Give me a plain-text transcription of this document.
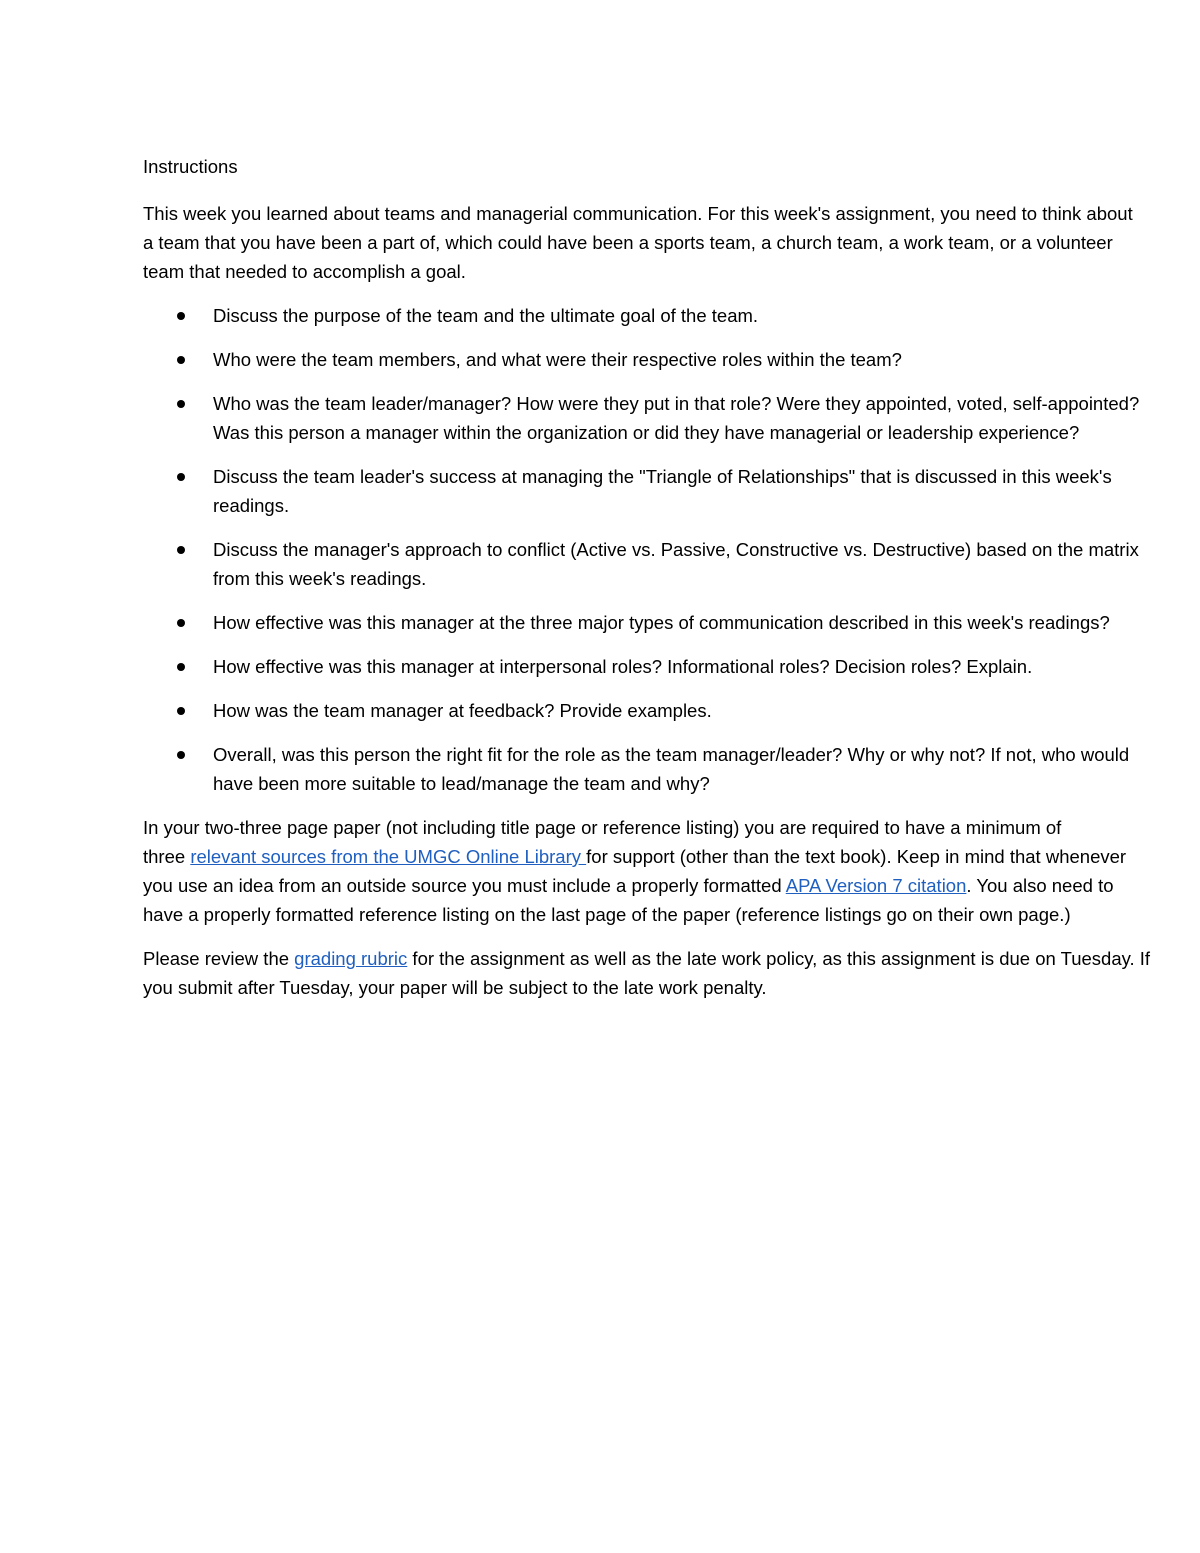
Instructions
This week you learned about teams and managerial communication. For this week's assignment, you need to think about
a team that you have been a part of, which could have been a sports team, a church team, a work team, or a volunteer
team that needed to accomplish a goal.
Discuss the purpose of the team and the ultimate goal of the team.
Who were the team members, and what were their respective roles within the team?
Who was the team leader/manager? How were they put in that role? Were they appointed, voted, self-appointed?
Was this person a manager within the organization or did they have managerial or leadership experience?
Discuss the team leader's success at managing the "Triangle of Relationships" that is discussed in this week's
readings.
Discuss the manager's approach to conflict (Active vs. Passive, Constructive vs. Destructive) based on the matrix
from this week's readings.
How effective was this manager at the three major types of communication described in this week's readings?
How effective was this manager at interpersonal roles? Informational roles? Decision roles? Explain.
How was the team manager at feedback? Provide examples.
Overall, was this person the right fit for the role as the team manager/leader? Why or why not? If not, who would
have been more suitable to lead/manage the team and why?
In your two-three page paper (not including title page or reference listing) you are required to have a minimum of
three relevant sources from the UMGC Online Library for support (other than the text book). Keep in mind that whenever
you use an idea from an outside source you must include a properly formatted APA Version 7 citation. You also need to
have a properly formatted reference listing on the last page of the paper (reference listings go on their own page.)
Please review the grading rubric for the assignment as well as the late work policy, as this assignment is due on Tuesday. If
you submit after Tuesday, your paper will be subject to the late work penalty.
